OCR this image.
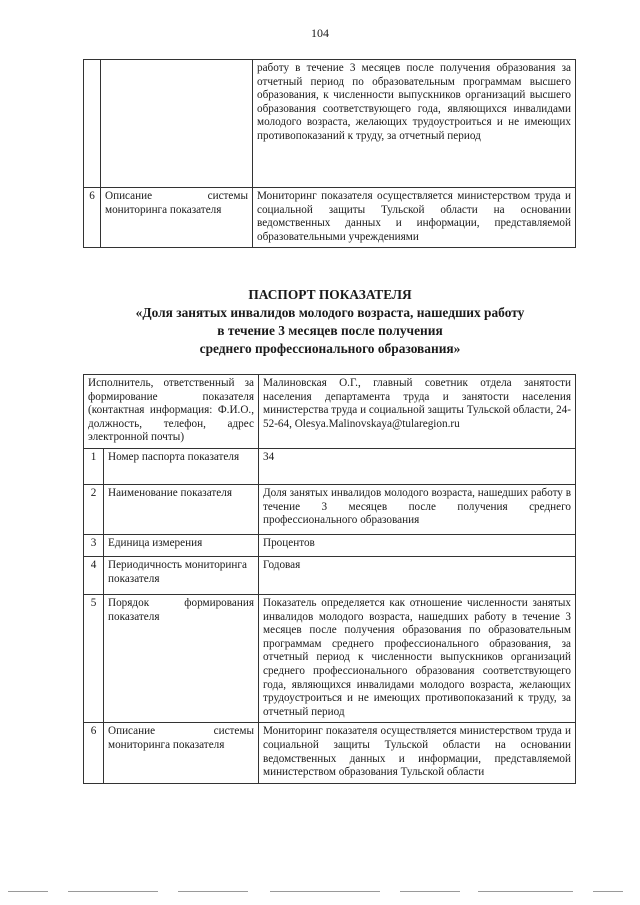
104
		работу в течение 3 месяцев после получения образования за отчетный период по образовательным программам высшего образования, к численности выпускников организаций высшего образования соответствующего года, являющихся инвалидами молодого возраста, желающих трудоустроиться и не имеющих противопоказаний к труду, за отчетный период
6	Описание системы мониторинга показателя	Мониторинг показателя осуществляется министерством труда и социальной защиты Тульской области на основании ведомственных данных и информации, представляемой образовательными учреждениями
ПАСПОРТ ПОКАЗАТЕЛЯ
«Доля занятых инвалидов молодого возраста, нашедших работу
в течение 3 месяцев после получения
среднего профессионального образования»
Исполнитель, ответственный за формирование показателя (контактная информация: Ф.И.О., должность, телефон, адрес электронной почты)		Малиновская О.Г., главный советник отдела занятости населения департамента труда и занятости населения министерства труда и социальной защиты Тульской области, 24-52-64, Olesya.Malinovskaya@tularegion.ru
1	Номер паспорта показателя	34
2	Наименование показателя	Доля занятых инвалидов молодого возраста, нашедших работу в течение 3 месяцев после получения среднего профессионального образования
3	Единица измерения	Процентов
4	Периодичность мониторинга показателя	Годовая
5	Порядок формирования показателя	Показатель определяется как отношение численности занятых инвалидов молодого возраста, нашедших работу в течение 3 месяцев после получения образования по образовательным программам среднего профессионального образования, за отчетный период к численности выпускников организаций среднего профессионального образования соответствующего года, являющихся инвалидами молодого возраста, желающих трудоустроиться и не имеющих противопоказаний к труду, за отчетный период
6	Описание системы мониторинга показателя	Мониторинг показателя осуществляется министерством труда и социальной защиты Тульской области на основании ведомственных данных и информации, представляемой министерством образования Тульской области
